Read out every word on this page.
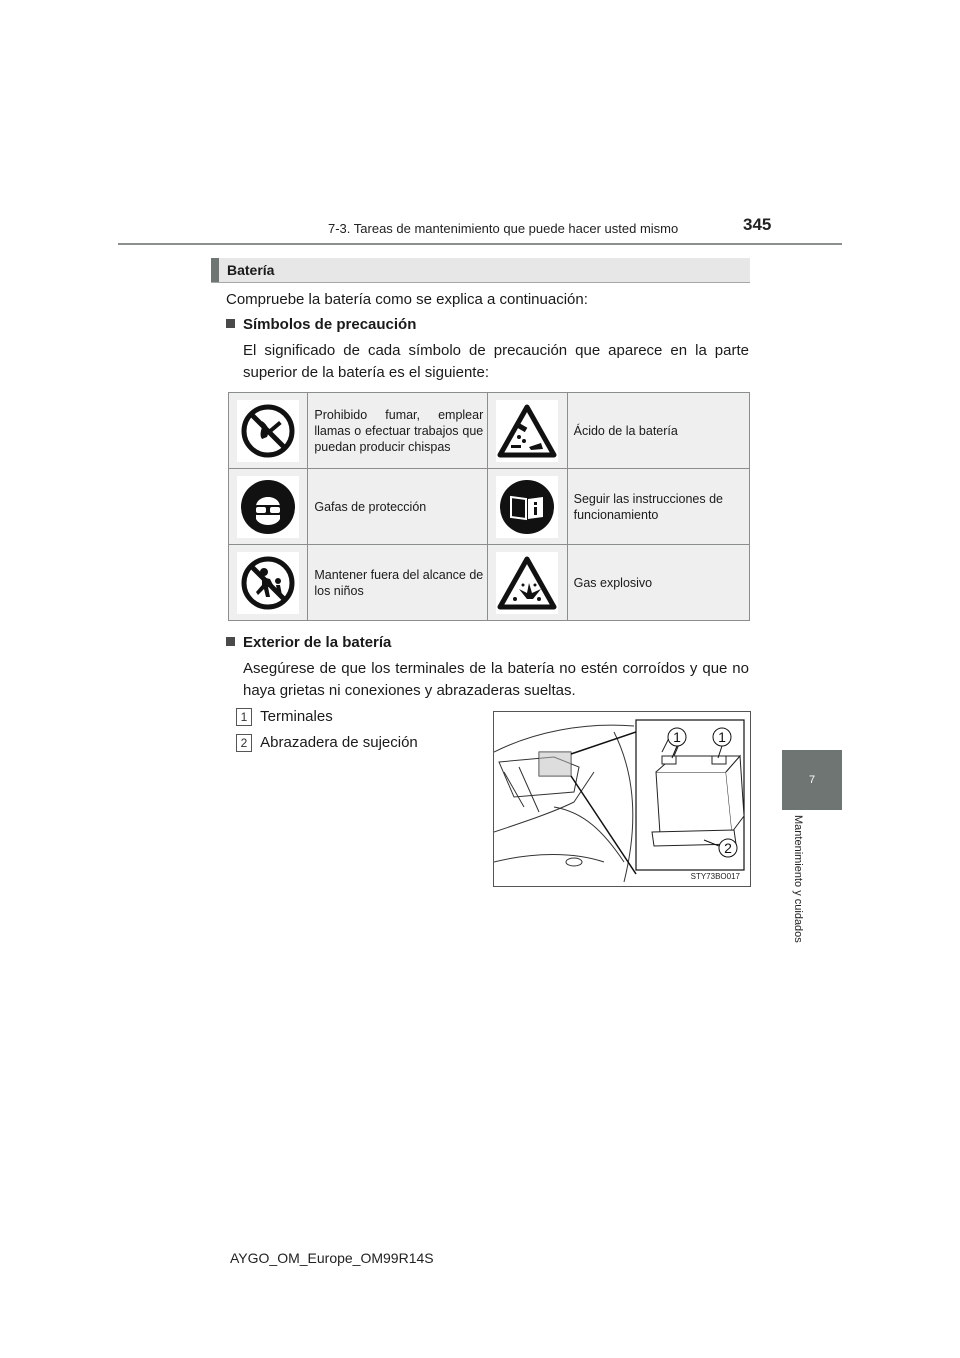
7-3. Tareas de mantenimiento que puede hacer usted mismo	345
7
Mantenimiento y cuidados
Batería
Compruebe la batería como se explica a continuación:
Símbolos de precaución
El significado de cada símbolo de precaución que aparece en la parte superior de la batería es el siguiente:
	Prohibido fumar, emplear llamas o efectuar trabajos que puedan producir chispas		Ácido de la batería

	Gafas de protección		Seguir las instrucciones de funcionamiento

	Mantener fuera del alcance de los niños		Gas explosivo
Exterior de la batería
Asegúrese de que los terminales de la batería no estén corroídos y que no haya grietas ni conexiones y abrazaderas sueltas.
1 Terminales
2 Abrazadera de sujeción	1	1
2
STY73BO017
AYGO_OM_Europe_OM99R14S
